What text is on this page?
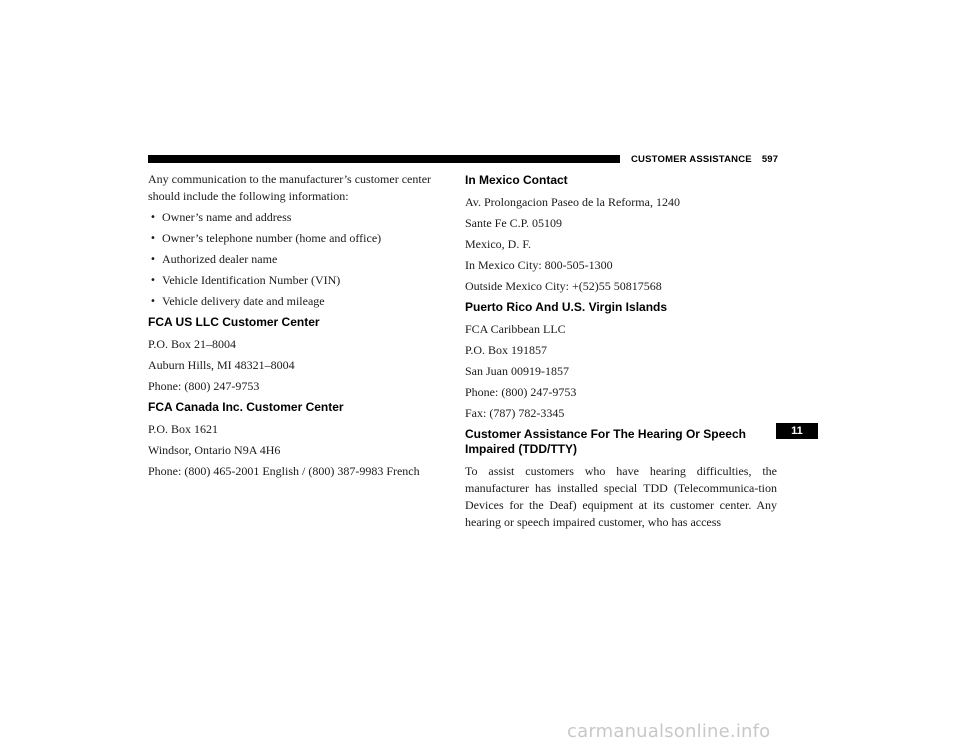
CUSTOMER ASSISTANCE 597

Any communication to the manufacturer’s customer center should include the following information:

• Owner’s name and address
• Owner’s telephone number (home and office)
• Authorized dealer name
• Vehicle Identification Number (VIN)
• Vehicle delivery date and mileage
FCA US LLC Customer Center
P.O. Box 21–8004
Auburn Hills, MI 48321–8004
Phone: (800) 247-9753
FCA Canada Inc. Customer Center
P.O. Box 1621
Windsor, Ontario N9A 4H6
Phone: (800) 465-2001 English / (800) 387-9983 French
In Mexico Contact
Av. Prolongacion Paseo de la Reforma, 1240
Sante Fe C.P. 05109
Mexico, D. F.
In Mexico City: 800-505-1300
Outside Mexico City: +(52)55 50817568
Puerto Rico And U.S. Virgin Islands
FCA Caribbean LLC
P.O. Box 191857
San Juan 00919-1857
Phone: (800) 247-9753
Fax: (787) 782-3345
Customer Assistance For The Hearing Or Speech
Impaired (TDD/TTY)

To assist customers who have hearing difficulties, the manufacturer has installed special TDD (Telecommunica-tion Devices for the Deaf) equipment at its customer center. Any hearing or speech impaired customer, who has access

11
carmanualsonline.info
